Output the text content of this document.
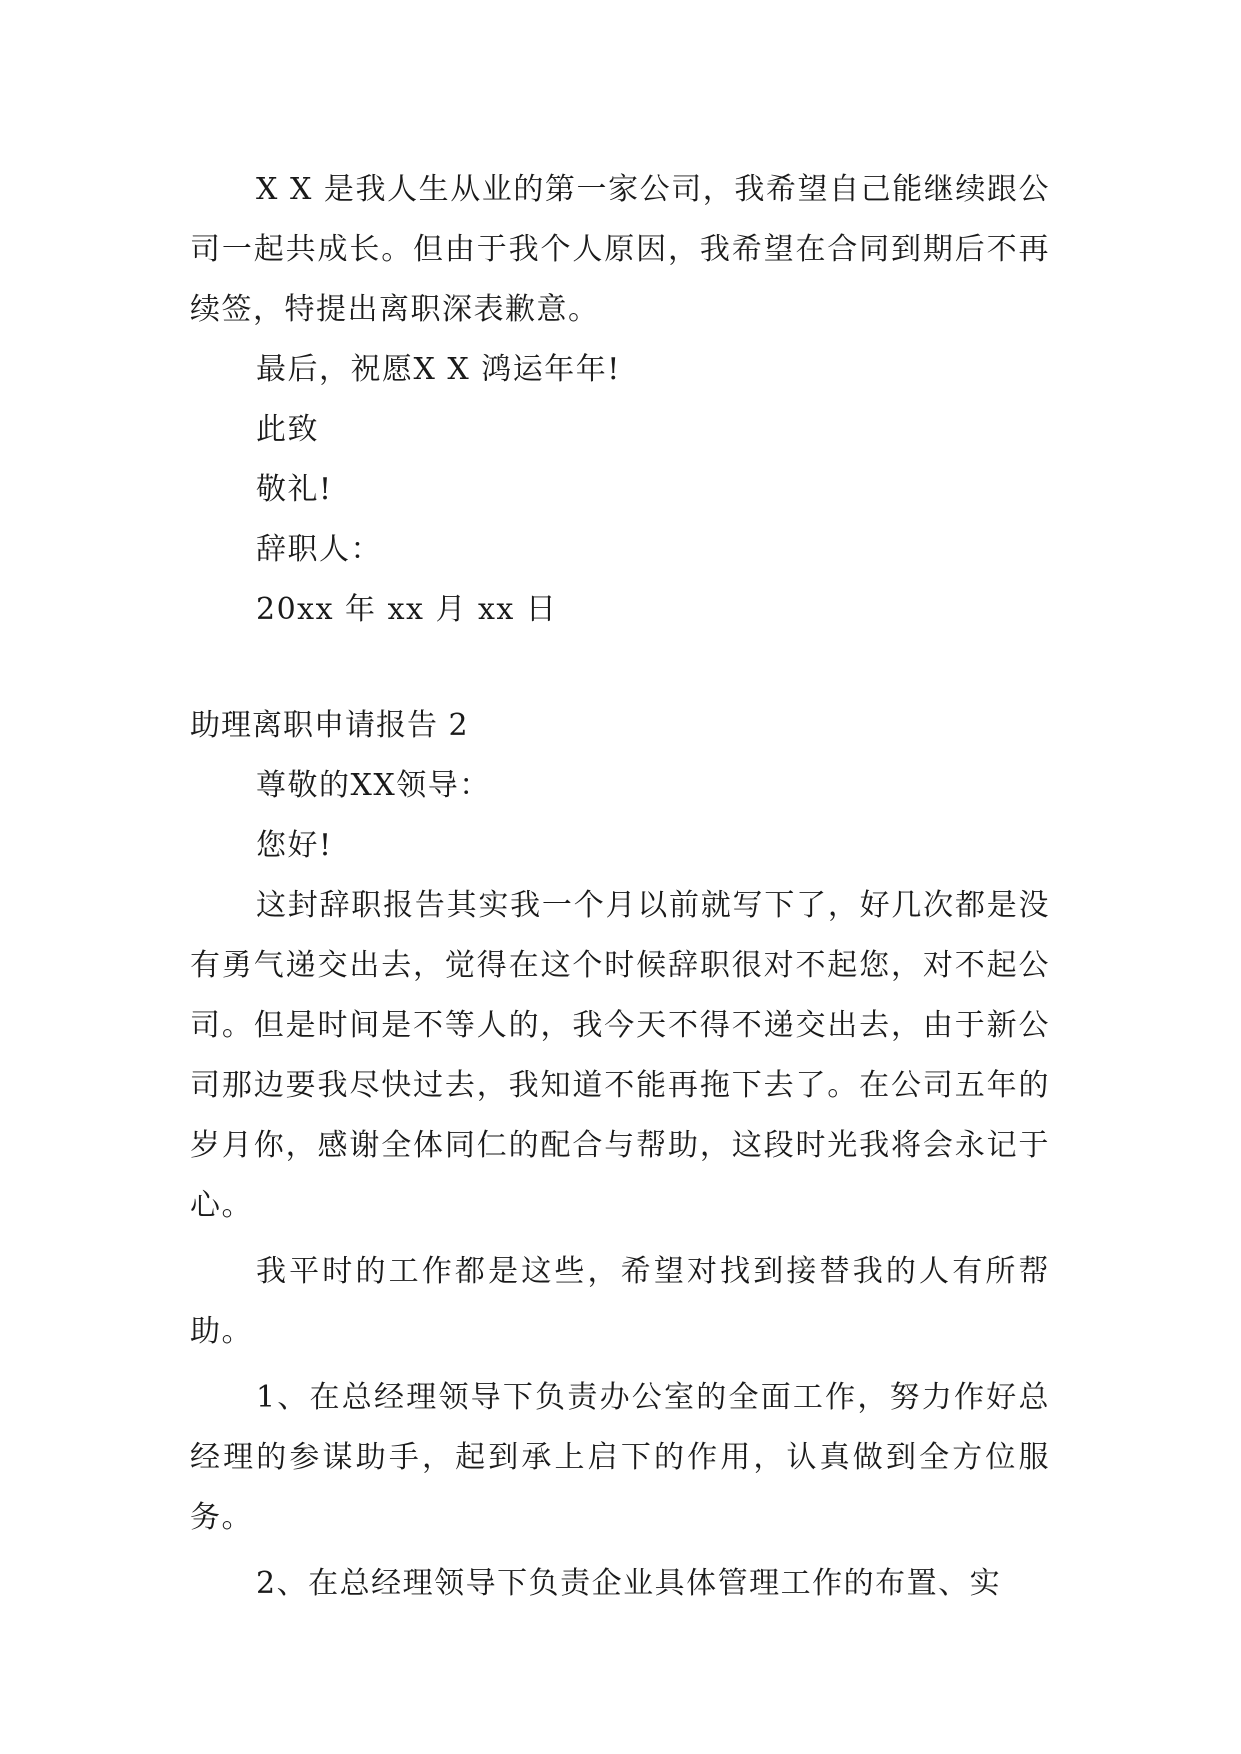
X X 是我人生从业的第一家公司，我希望自己能继续跟公司一起共成长。但由于我个人原因，我希望在合同到期后不再续签，特提出离职深表歉意。

最后，祝愿X X 鸿运年年!

此致

敬礼!

辞职人：

20xx 年 xx 月 xx 日

助理离职申请报告 2

尊敬的XX领导：

您好!

这封辞职报告其实我一个月以前就写下了，好几次都是没有勇气递交出去，觉得在这个时候辞职很对不起您，对不起公司。但是时间是不等人的，我今天不得不递交出去，由于新公司那边要我尽快过去，我知道不能再拖下去了。在公司五年的岁月你，感谢全体同仁的配合与帮助，这段时光我将会永记于心。

我平时的工作都是这些，希望对找到接替我的人有所帮助。

1、在总经理领导下负责办公室的全面工作，努力作好总经理的参谋助手，起到承上启下的作用，认真做到全方位服务。

2、在总经理领导下负责企业具体管理工作的布置、实
